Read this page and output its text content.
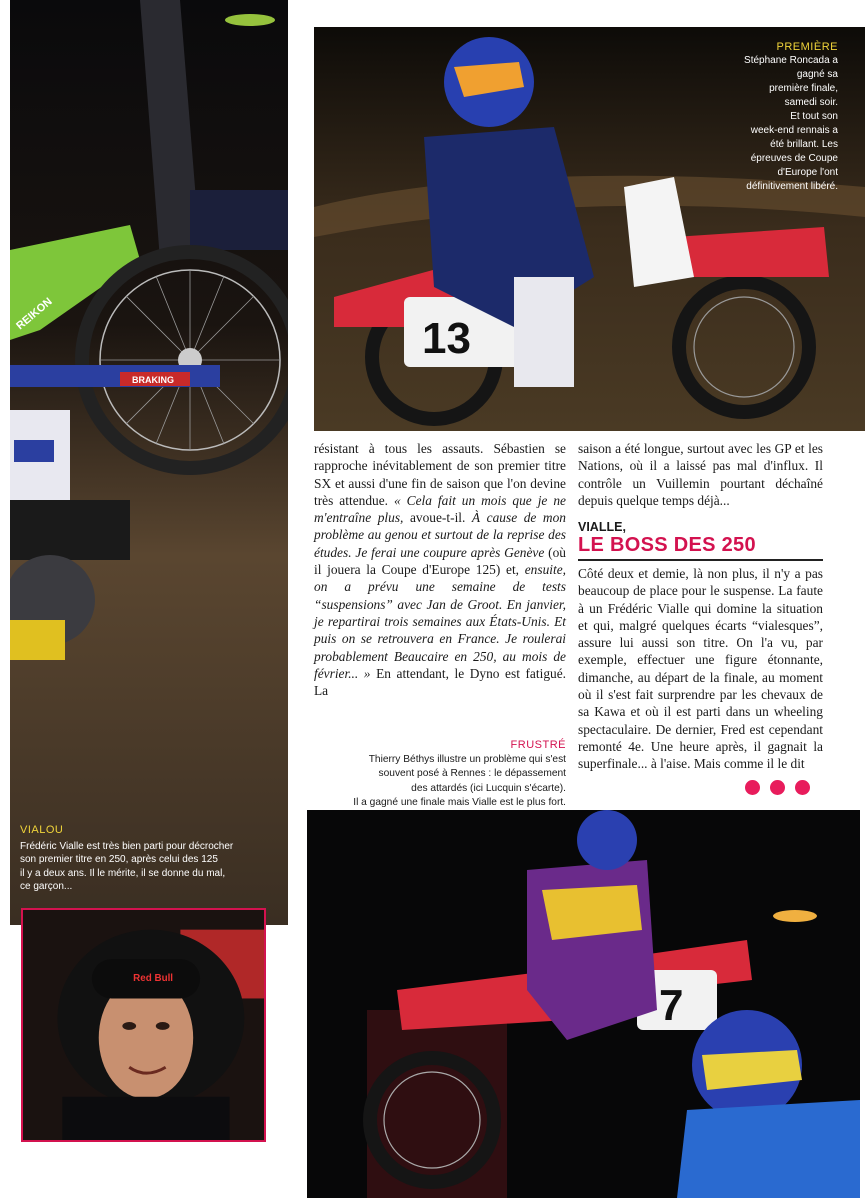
BRAKING
REIKON
VIALOU
Frédéric Vialle est très bien parti pour décrocher
son premier titre en 250, après celui des 125
il y a deux ans. Il le mérite, il se donne du mal,
ce garçon...
Red Bull
13
PREMIÈRE
Stéphane Roncada a
gagné sa
première finale,
samedi soir.
Et tout son
week-end rennais a
été brillant. Les
épreuves de Coupe
d'Europe l'ont
définitivement libéré.

résistant à tous les assauts. Sébastien se rapproche inévitablement de son premier titre SX et aussi d'une fin de saison que l'on devine très attendue. « Cela fait un mois que je ne m'entraîne plus, avoue-t-il. À cause de mon problème au genou et surtout de la reprise des études. Je ferai une coupure après Genève (où il jouera la Coupe d'Europe 125) et, ensuite, on a prévu une semaine de tests “suspensions” avec Jan de Groot. En janvier, je repartirai trois semaines aux États-Unis. Et puis on se retrouvera en France. Je roulerai probablement Beaucaire en 250, au mois de février... » En attendant, le Dyno est fatigué. La

FRUSTRÉ
Thierry Béthys illustre un problème qui s'est
souvent posé à Rennes : le dépassement
des attardés (ici Lucquin s'écarte).
Il a gagné une finale mais Vialle est le plus fort.

saison a été longue, surtout avec les GP et les Nations, où il a laissé pas mal d'influx. Il contrôle un Vuillemin pourtant déchaîné depuis quelque temps déjà...

VIALLE,
LE BOSS DES 250

Côté deux et demie, là non plus, il n'y a pas beaucoup de place pour le suspense. La faute à un Frédéric Vialle qui domine la situation et qui, malgré quelques écarts “vialesques”, assure lui aussi son titre. On l'a vu, par exemple, effectuer une figure étonnante, dimanche, au départ de la finale, au moment où il s'est fait surprendre par les chevaux de sa Kawa et où il est parti dans un wheeling spectaculaire. De dernier, Fred est cependant remonté 4e. Une heure après, il gagnait la superfinale... à l'aise. Mais comme il le dit

7
